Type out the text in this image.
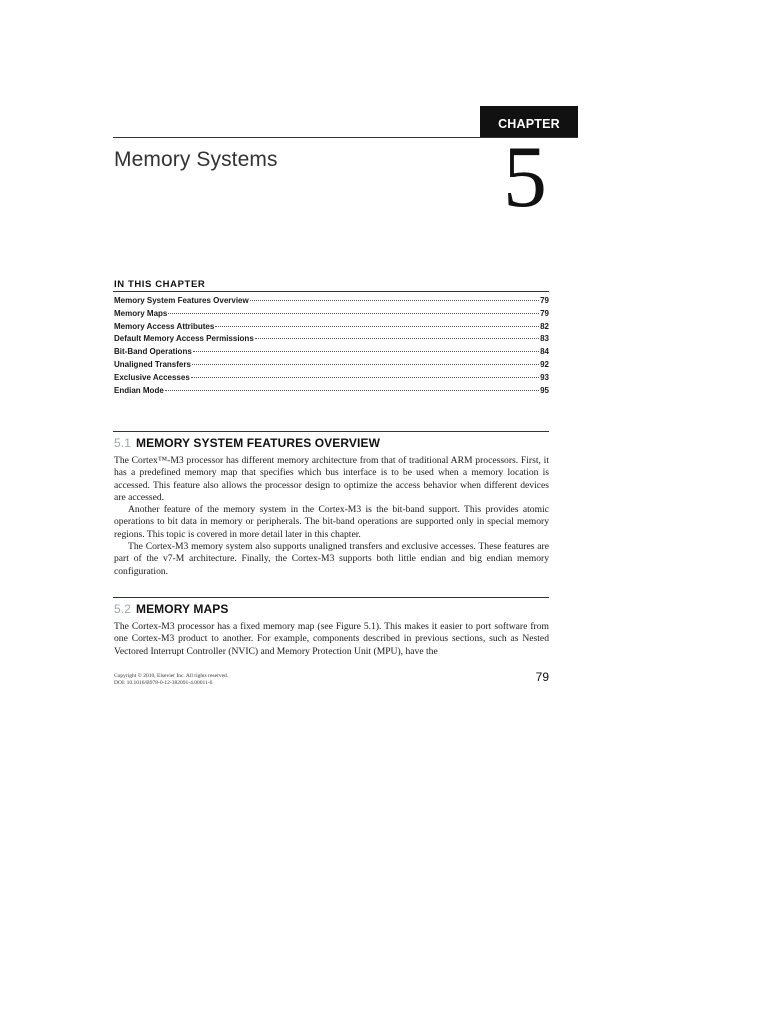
CHAPTER
Memory Systems	5
IN THIS CHAPTER
Memory System Features Overview	79
Memory Maps	79
Memory Access Attributes	82
Default Memory Access Permissions	83
Bit-Band Operations	84
Unaligned Transfers	92
Exclusive Accesses	93
Endian Mode	95
5.1 MEMORY SYSTEM FEATURES OVERVIEW

The Cortex™-M3 processor has different memory architecture from that of traditional ARM processors. First, it has a predefined memory map that specifies which bus interface is to be used when a memory location is accessed. This feature also allows the processor design to optimize the access behavior when different devices are accessed.

Another feature of the memory system in the Cortex-M3 is the bit-band support. This provides atomic operations to bit data in memory or peripherals. The bit-band operations are supported only in special memory regions. This topic is covered in more detail later in this chapter.

The Cortex-M3 memory system also supports unaligned transfers and exclusive accesses. These features are part of the v7-M architecture. Finally, the Cortex-M3 supports both little endian and big endian memory configuration.

5.2 MEMORY MAPS

The Cortex-M3 processor has a fixed memory map (see Figure 5.1). This makes it easier to port software from one Cortex-M3 product to another. For example, components described in previous sections, such as Nested Vectored Interrupt Controller (NVIC) and Memory Protection Unit (MPU), have the

Copyright © 2010, Elsevier Inc. All rights reserved.
DOI: 10.1016/B978-0-12-382091-4.00011-6	79
